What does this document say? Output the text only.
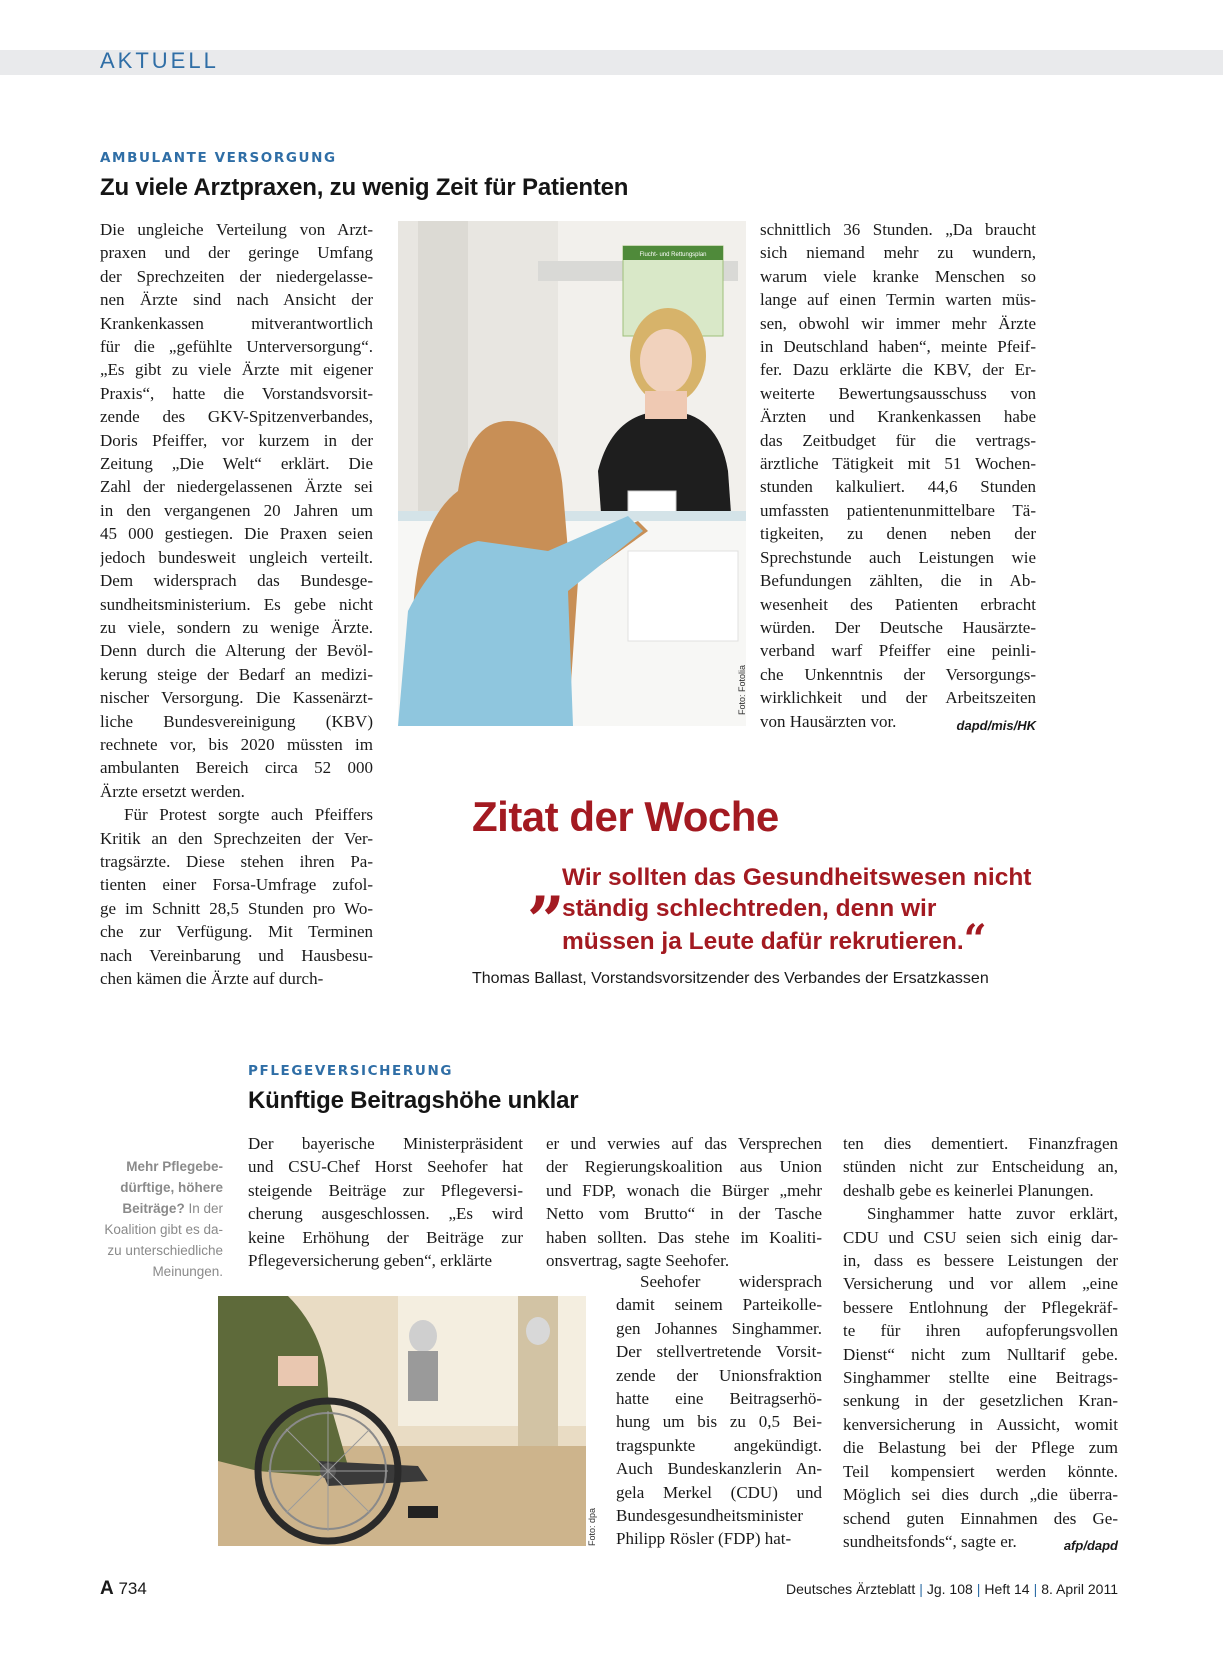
AKTUELL
AMBULANTE VERSORGUNG
Zu viele Arztpraxen, zu wenig Zeit für Patienten
Die ungleiche Verteilung von Arzt-
praxen und der geringe Umfang
der Sprechzeiten der niedergelasse-
nen Ärzte sind nach Ansicht der
Krankenkassen mitverantwortlich
für die „gefühlte Unterversorgung“.
„Es gibt zu viele Ärzte mit eigener
Praxis“, hatte die Vorstandsvorsit-
zende des GKV-Spitzenverbandes,
Doris Pfeiffer, vor kurzem in der
Zeitung „Die Welt“ erklärt. Die
Zahl der niedergelassenen Ärzte sei
in den vergangenen 20 Jahren um
45 000 gestiegen. Die Praxen seien
jedoch bundesweit ungleich verteilt.
Dem widersprach das Bundesge-
sundheitsministerium. Es gebe nicht
zu viele, sondern zu wenige Ärzte.
Denn durch die Alterung der Bevöl-
kerung steige der Bedarf an medizi-
nischer Versorgung. Die Kassenärzt-
liche Bundesvereinigung (KBV)
rechnete vor, bis 2020 müssten im
ambulanten Bereich circa 52 000
Ärzte ersetzt werden.
Für Protest sorgte auch Pfeiffers
Kritik an den Sprechzeiten der Ver-
tragsärzte. Diese stehen ihren Pa-
tienten einer Forsa-Umfrage zufol-
ge im Schnitt 28,5 Stunden pro Wo-
che zur Verfügung. Mit Terminen
nach Vereinbarung und Hausbesu-
chen kämen die Ärzte auf durch-
Flucht- und Rettungsplan
Foto: Fotolia
schnittlich 36 Stunden. „Da braucht
sich niemand mehr zu wundern,
warum viele kranke Menschen so
lange auf einen Termin warten müs-
sen, obwohl wir immer mehr Ärzte
in Deutschland haben“, meinte Pfeif-
fer. Dazu erklärte die KBV, der Er-
weiterte Bewertungsausschuss von
Ärzten und Krankenkassen habe
das Zeitbudget für die vertrags-
ärztliche Tätigkeit mit 51 Wochen-
stunden kalkuliert. 44,6 Stunden
umfassten patientenunmittelbare Tä-
tigkeiten, zu denen neben der
Sprechstunde auch Leistungen wie
Befundungen zählten, die in Ab-
wesenheit des Patienten erbracht
würden. Der Deutsche Hausärzte-
verband warf Pfeiffer eine peinli-
che Unkenntnis der Versorgungs-
wirklichkeit und der Arbeitszeiten
von Hausärzten vor.	dapd/mis/HK
Zitat der Woche
„
Wir sollten das Gesundheitswesen nicht
ständig schlechtreden, denn wir
müssen ja Leute dafür rekrutieren.“
Thomas Ballast, Vorstandsvorsitzender des Verbandes der Ersatzkassen
PFLEGEVERSICHERUNG
Künftige Beitragshöhe unklar
Mehr Pflegebe-
dürftige, höhere
Beiträge? In der
Koalition gibt es da-
zu unterschiedliche
Meinungen.
Der bayerische Ministerpräsident
und CSU-Chef Horst Seehofer hat
steigende Beiträge zur Pflegeversi-
cherung ausgeschlossen. „Es wird
keine Erhöhung der Beiträge zur
Pflegeversicherung geben“, erklärte
er und verwies auf das Versprechen
der Regierungskoalition aus Union
und FDP, wonach die Bürger „mehr
Netto vom Brutto“ in der Tasche
haben sollten. Das stehe im Koaliti-
onsvertrag, sagte Seehofer.
Foto: dpa
Seehofer widersprach
damit seinem Parteikolle-
gen Johannes Singhammer.
Der stellvertretende Vorsit-
zende der Unionsfraktion
hatte eine Beitragserhö-
hung um bis zu 0,5 Bei-
tragspunkte angekündigt.
Auch Bundeskanzlerin An-
gela Merkel (CDU) und
Bundesgesundheitsminister
Philipp Rösler (FDP) hat-
ten dies dementiert. Finanzfragen
stünden nicht zur Entscheidung an,
deshalb gebe es keinerlei Planungen.
Singhammer hatte zuvor erklärt,
CDU und CSU seien sich einig dar-
in, dass es bessere Leistungen der
Versicherung und vor allem „eine
bessere Entlohnung der Pflegekräf-
te für ihren aufopferungsvollen
Dienst“ nicht zum Nulltarif gebe.
Singhammer stellte eine Beitrags-
senkung in der gesetzlichen Kran-
kenversicherung in Aussicht, womit
die Belastung bei der Pflege zum
Teil kompensiert werden könnte.
Möglich sei dies durch „die überra-
schend guten Einnahmen des Ge-
sundheitsfonds“, sagte er.	afp/dapd
A 734	Deutsches Ärzteblatt | Jg. 108 | Heft 14 | 8. April 2011
